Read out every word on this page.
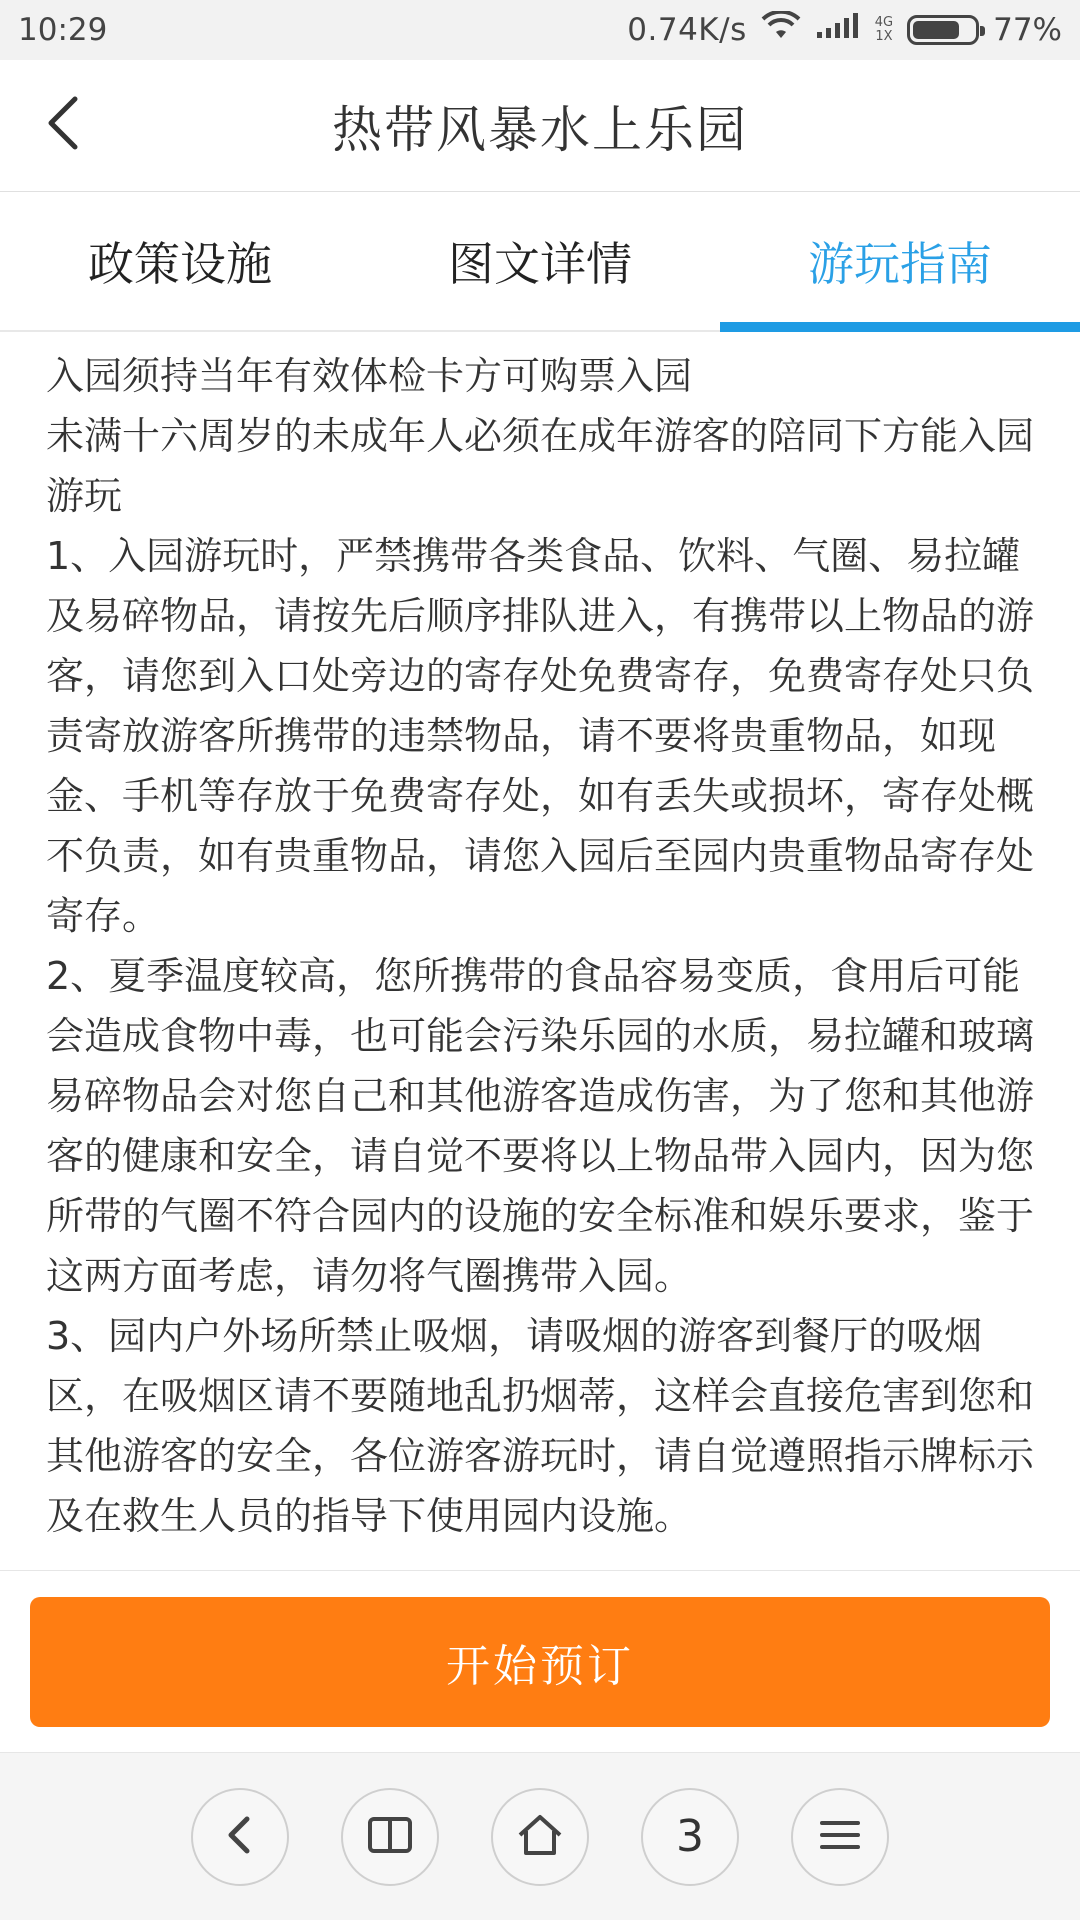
10:29	0.74K/s	4G
1X	77%
热带风暴水上乐园
政策设施	图文详情	游玩指南

入园须持当年有效体检卡方可购票入园

未满十六周岁的未成年人必须在成年游客的陪同下方能入园游玩

1、入园游玩时，严禁携带各类食品、饮料、气圈、易拉罐及易碎物品，请按先后顺序排队进入，有携带以上物品的游客，请您到入口处旁边的寄存处免费寄存，免费寄存处只负责寄放游客所携带的违禁物品，请不要将贵重物品，如现金、手机等存放于免费寄存处，如有丢失或损坏，寄存处概不负责，如有贵重物品，请您入园后至园内贵重物品寄存处寄存。

2、夏季温度较高，您所携带的食品容易变质，食用后可能会造成食物中毒，也可能会污染乐园的水质，易拉罐和玻璃易碎物品会对您自己和其他游客造成伤害，为了您和其他游客的健康和安全，请自觉不要将以上物品带入园内，因为您所带的气圈不符合园内的设施的安全标准和娱乐要求，鉴于这两方面考虑，请勿将气圈携带入园。

3、园内户外场所禁止吸烟，请吸烟的游客到餐厅的吸烟区，在吸烟区请不要随地乱扔烟蒂，这样会直接危害到您和其他游客的安全，各位游客游玩时，请自觉遵照指示牌标示及在救生人员的指导下使用园内设施。

开始预订
3
